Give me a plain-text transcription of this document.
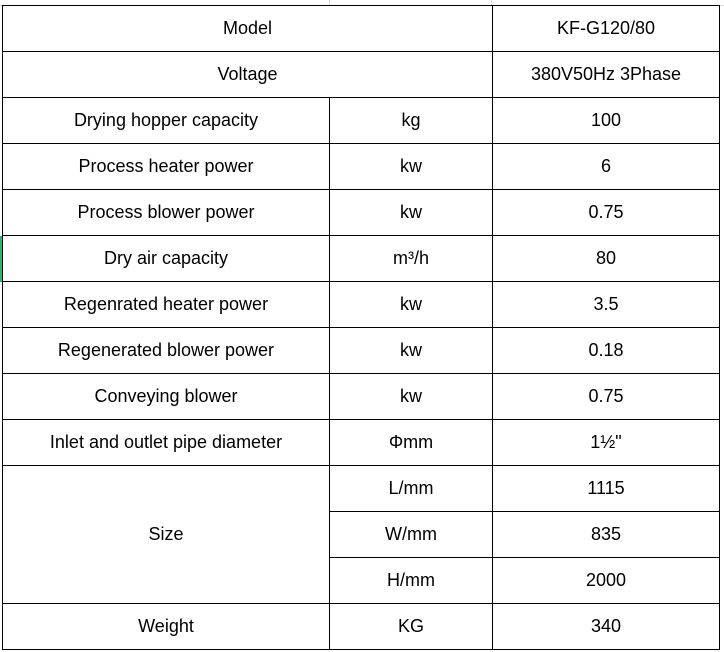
Model		KF-G120/80
Voltage		380V50Hz 3Phase
Drying hopper capacity	kg	100
Process heater power	kw	6
Process blower power	kw	0.75
Dry air capacity	m³/h	80
Regenrated heater power	kw	3.5
Regenerated blower power	kw	0.18
Conveying blower	kw	0.75
Inlet and outlet pipe diameter	Φmm	1½"
Size	L/mm	1115
	W/mm	835
	H/mm	2000
Weight	KG	340
